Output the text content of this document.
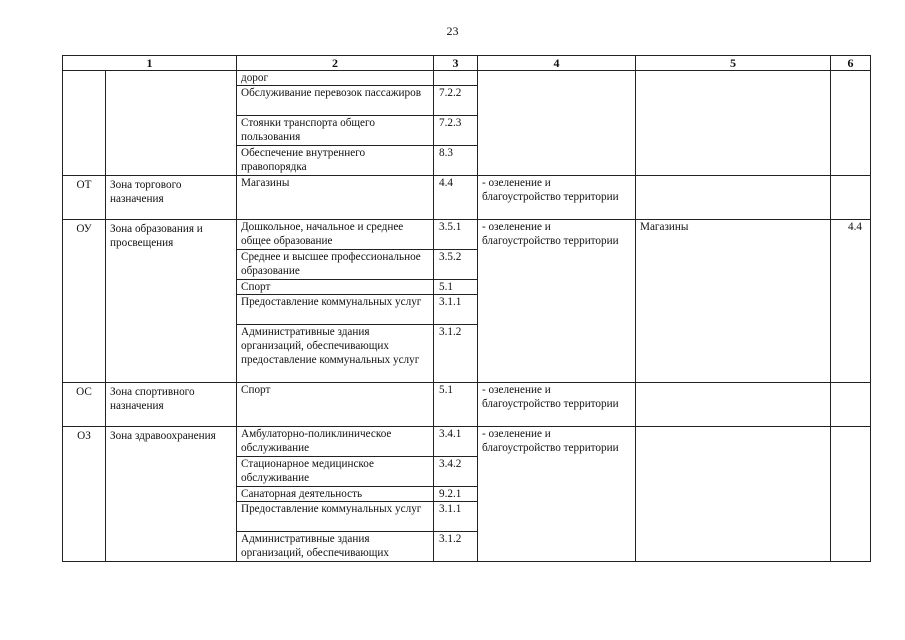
23
1		2	3	4	5	6
		дорог				
		Обслуживание перевозок пассажиров	7.2.2			
		Стоянки транспорта общего пользования	7.2.3			
		Обеспечение внутреннего правопорядка	8.3			
ОТ	Зона торгового назначения	Магазины	4.4	- озеленение и благоустройство территории		
ОУ	Зона образования и просвещения	Дошкольное, начальное и среднее общее образование	3.5.1	- озеленение и благоустройство территории	Магазины	4.4
		Среднее и высшее профессиональное образование	3.5.2			
		Спорт	5.1			
		Предоставление коммунальных услуг	3.1.1			
		Административные здания организаций, обеспечивающих предоставление коммунальных услуг	3.1.2			
ОС	Зона спортивного назначения	Спорт	5.1	- озеленение и благоустройство территории		
ОЗ	Зона здравоохранения	Амбулаторно-поликлиническое обслуживание	3.4.1	- озеленение и благоустройство территории		
		Стационарное медицинское обслуживание	3.4.2			
		Санаторная деятельность	9.2.1			
		Предоставление коммунальных услуг	3.1.1			
		Административные здания организаций, обеспечивающих	3.1.2			
